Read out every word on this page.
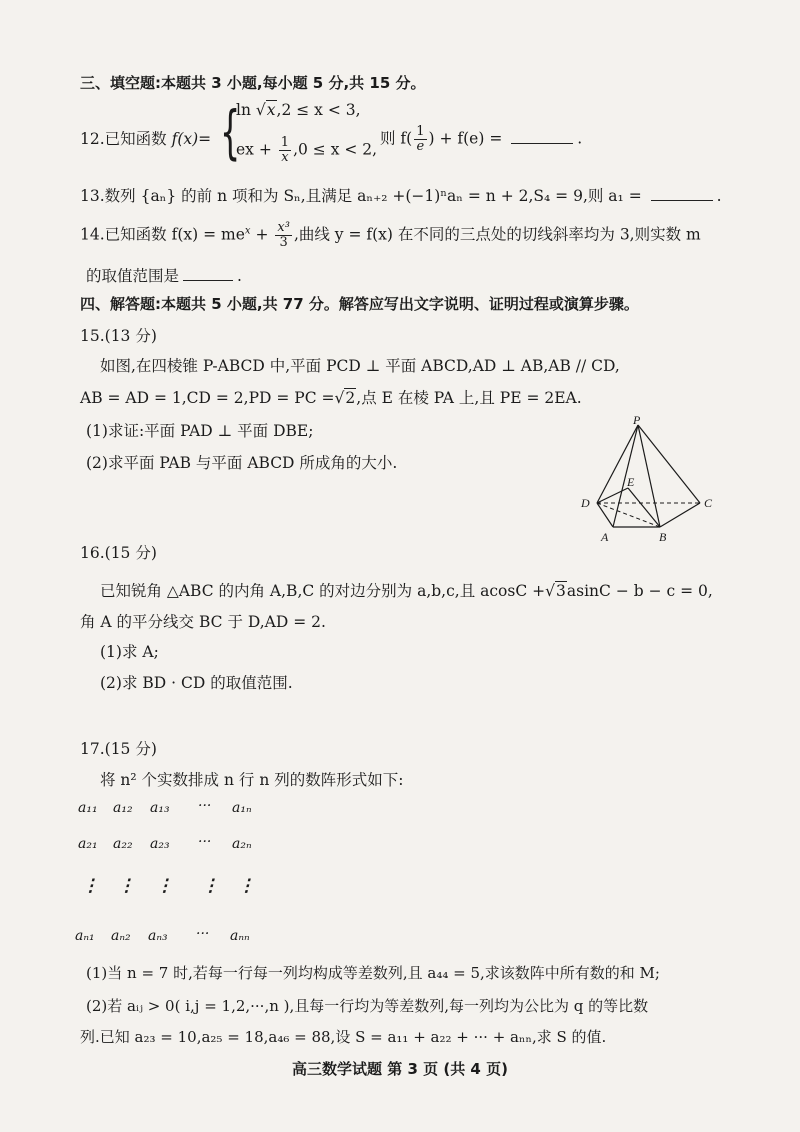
三、填空题:本题共 3 小题,每小题 5 分,共 15 分。
12.已知函数 f(x)= {
ln √x,2 ≤ x < 3,
ex + $\frac{1}{x} ,0 \le x < 2$,
则 $f( \frac{1}{e}$ ) + f(e) =	.
13.数列 {aₙ} 的前 n 项和为 Sₙ,且满足 aₙ₊₂ +(−1)ⁿaₙ = n + 2,S₄ = 9,则 a₁ =	.
14.已知函数 $f(x) = me^x + \frac{\text{x³}}{3}$ ,曲线 y = f(x) 在不同的三点处的切线斜率均为 3,则实数 m
的取值范围是	.
四、解答题:本题共 5 小题,共 77 分。解答应写出文字说明、证明过程或演算步骤。
15.(13 分)
如图,在四棱锥 P-ABCD 中,平面 PCD ⊥ 平面 ABCD,AD ⊥ AB,AB // CD,
AB = AD = 1,CD = 2,PD = PC =√2,点 E 在棱 PA 上,且 PE = 2EA.
(1)求证:平面 PAD ⊥ 平面 DBE;
(2)求平面 PAB 与平面 ABCD 所成角的大小.
P
E
D	C
A	B
16.(15 分)
已知锐角 △ABC 的内角 A,B,C 的对边分别为 a,b,c,且 acosC +√3asinC − b − c = 0,
角 A 的平分线交 BC 于 D,AD = 2.
(1)求 A;
(2)求 BD · CD 的取值范围.
17.(15 分)
将 n² 个实数排成 n 行 n 列的数阵形式如下:
a₁₁ a₁₂ a₁₃ ··· a₁ₙ
a₂₁ a₂₂ a₂₃ ··· a₂ₙ
⋮ ⋮ ⋮ ⋮ ⋮
aₙ₁ aₙ₂ aₙ₃ ··· aₙₙ
(1)当 n = 7 时,若每一行每一列均构成等差数列,且 a₄₄ = 5,求该数阵中所有数的和 M;
(2)若 aᵢⱼ > 0( i,j = 1,2,···,n ),且每一行均为等差数列,每一列均为公比为 q 的等比数
列.已知 a₂₃ = 10,a₂₅ = 18,a₄₆ = 88,设 S = a₁₁ + a₂₂ + ··· + aₙₙ,求 S 的值.
高三数学试题 第 3 页 (共 4 页)
